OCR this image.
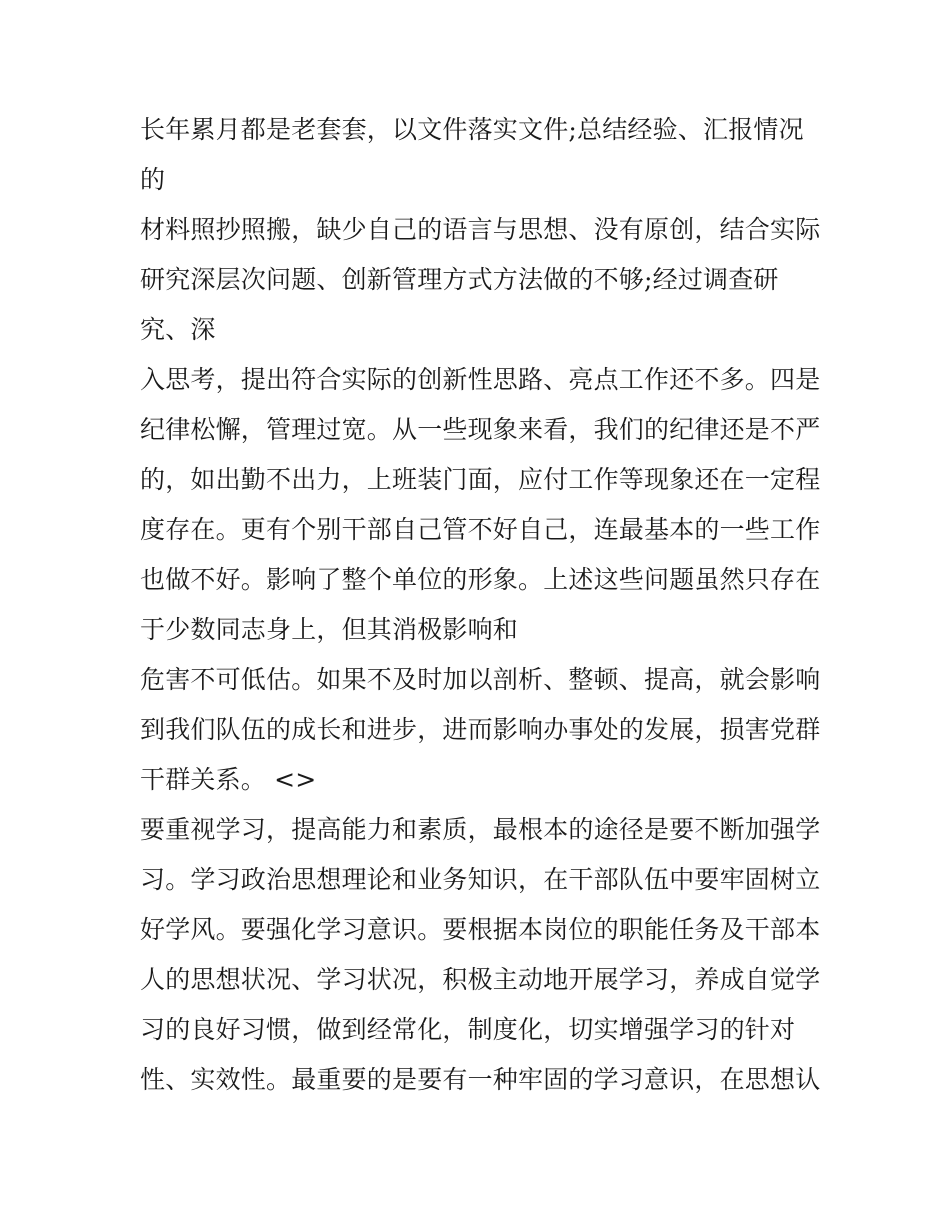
长年累月都是老套套，以文件落实文件;总结经验、汇报情况
的
材料照抄照搬，缺少自己的语言与思想、没有原创，结合实际
研究深层次问题、创新管理方式方法做的不够;经过调查研
究、深
入思考，提出符合实际的创新性思路、亮点工作还不多。四是
纪律松懈，管理过宽。从一些现象来看，我们的纪律还是不严
的，如出勤不出力，上班装门面，应付工作等现象还在一定程
度存在。更有个别干部自己管不好自己，连最基本的一些工作
也做不好。影响了整个单位的形象。上述这些问题虽然只存在
于少数同志身上，但其消极影响和
危害不可低估。如果不及时加以剖析、整顿、提高，就会影响
到我们队伍的成长和进步，进而影响办事处的发展，损害党群
干群关系。 <>
要重视学习，提高能力和素质，最根本的途径是要不断加强学
习。学习政治思想理论和业务知识，在干部队伍中要牢固树立
好学风。要强化学习意识。要根据本岗位的职能任务及干部本
人的思想状况、学习状况，积极主动地开展学习，养成自觉学
习的良好习惯，做到经常化，制度化，切实增强学习的针对
性、实效性。最重要的是要有一种牢固的学习意识，在思想认
